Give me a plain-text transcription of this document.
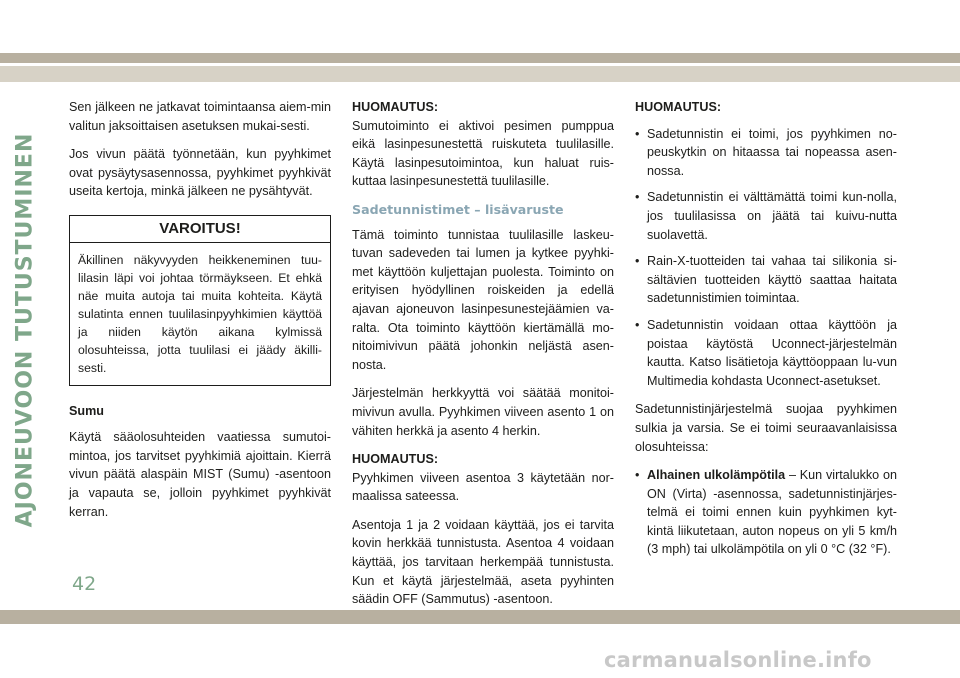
AJONEUVOON TUTUSTUMINEN

Sen jälkeen ne jatkavat toimintaansa aiem-min valitun jaksoittaisen asetuksen mukai-sesti.

Jos vivun päätä työnnetään, kun pyyhkimet ovat pysäytysasennossa, pyyhkimet pyyhkivät useita kertoja, minkä jälkeen ne pysähtyvät.

VAROITUS!
Äkillinen näkyvyyden heikkeneminen tuu-lilasin läpi voi johtaa törmäykseen. Et ehkä näe muita autoja tai muita kohteita. Käytä sulatinta ennen tuulilasinpyyhkimien käyttöä ja niiden käytön aikana kylmissä olosuhteissa, jotta tuulilasi ei jäädy äkilli-sesti.

Sumu

Käytä sääolosuhteiden vaatiessa sumutoi-mintoa, jos tarvitset pyyhkimiä ajoittain. Kierrä vivun päätä alaspäin MIST (Sumu) -asentoon ja vapauta se, jolloin pyyhkimet pyyhkivät kerran.

HUOMAUTUS:

Sumutoiminto ei aktivoi pesimen pumppua eikä lasinpesunestettä ruiskuteta tuulilasille. Käytä lasinpesutoimintoa, kun haluat ruis-kuttaa lasinpesunestettä tuulilasille.

Sadetunnistimet – lisävaruste

Tämä toiminto tunnistaa tuulilasille laskeu-tuvan sadeveden tai lumen ja kytkee pyyhki-met käyttöön kuljettajan puolesta. Toiminto on erityisen hyödyllinen roiskeiden ja edellä ajavan ajoneuvon lasinpesunestejäämien va-ralta. Ota toiminto käyttöön kiertämällä mo-nitoimivivun päätä johonkin neljästä asen-nosta.

Järjestelmän herkkyyttä voi säätää monitoi-mivivun avulla. Pyyhkimen viiveen asento 1 on vähiten herkkä ja asento 4 herkin.

HUOMAUTUS:

Pyyhkimen viiveen asentoa 3 käytetään nor-maalissa sateessa.

Asentoja 1 ja 2 voidaan käyttää, jos ei tarvita kovin herkkää tunnistusta. Asentoa 4 voidaan käyttää, jos tarvitaan herkempää tunnistusta. Kun et käytä järjestelmää, aseta pyyhinten säädin OFF (Sammutus) -asentoon.

HUOMAUTUS:

• Sadetunnistin ei toimi, jos pyyhkimen no-peuskytkin on hitaassa tai nopeassa asen-nossa.
• Sadetunnistin ei välttämättä toimi kun-nolla, jos tuulilasissa on jäätä tai kuivu-nutta suolavettä.
• Rain-X-tuotteiden tai vahaa tai silikonia si-sältävien tuotteiden käyttö saattaa haitata sadetunnistimien toimintaa.
• Sadetunnistin voidaan ottaa käyttöön ja poistaa käytöstä Uconnect-järjestelmän kautta. Katso lisätietoja käyttöoppaan lu-vun Multimedia kohdasta Uconnect-asetukset.

Sadetunnistinjärjestelmä suojaa pyyhkimen sulkia ja varsia. Se ei toimi seuraavanlaisissa olosuhteissa:

• Alhainen ulkolämpötila – Kun virtalukko on ON (Virta) -asennossa, sadetunnistinjärjes-telmä ei toimi ennen kuin pyyhkimen kyt-kintä liikutetaan, auton nopeus on yli 5 km/h (3 mph) tai ulkolämpötila on yli 0 °C (32 °F).
42
carmanualsonline.info
